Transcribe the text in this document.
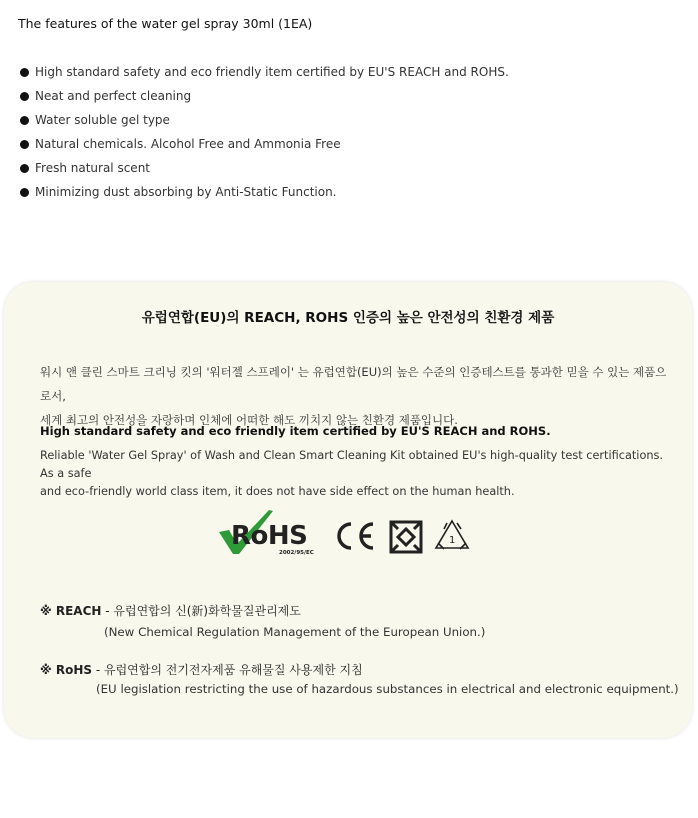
The features of the water gel spray 30ml (1EA)
High standard safety and eco friendly item certified by EU'S REACH and ROHS.
Neat and perfect cleaning
Water soluble gel type
Natural chemicals. Alcohol Free and Ammonia Free
Fresh natural scent
Minimizing dust absorbing by Anti-Static Function.
유럽연합(EU)의 REACH, ROHS 인증의 높은 안전성의 친환경 제품
워시 앤 클린 스마트 크리닝 킷의 '워터젤 스프레이' 는 유럽연합(EU)의 높은 수준의 인증테스트를 통과한 믿을 수 있는 제품으로서,
세계 최고의 안전성을 자랑하며 인체에 어떠한 해도 끼치지 않는 친환경 제품입니다.
High standard safety and eco friendly item certified by EU'S REACH and ROHS.
Reliable 'Water Gel Spray' of Wash and Clean Smart Cleaning Kit obtained EU's high-quality test certifications. As a safe
and eco-friendly world class item, it does not have side effect on the human health.
RoHS
2002/95/EC
1
※ REACH - 유럽연합의 신(新)화학물질관리제도
(New Chemical Regulation Management of the European Union.)
※ RoHS - 유럽연합의 전기전자제품 유해물질 사용제한 지침
(EU legislation restricting the use of hazardous substances in electrical and electronic equipment.)
